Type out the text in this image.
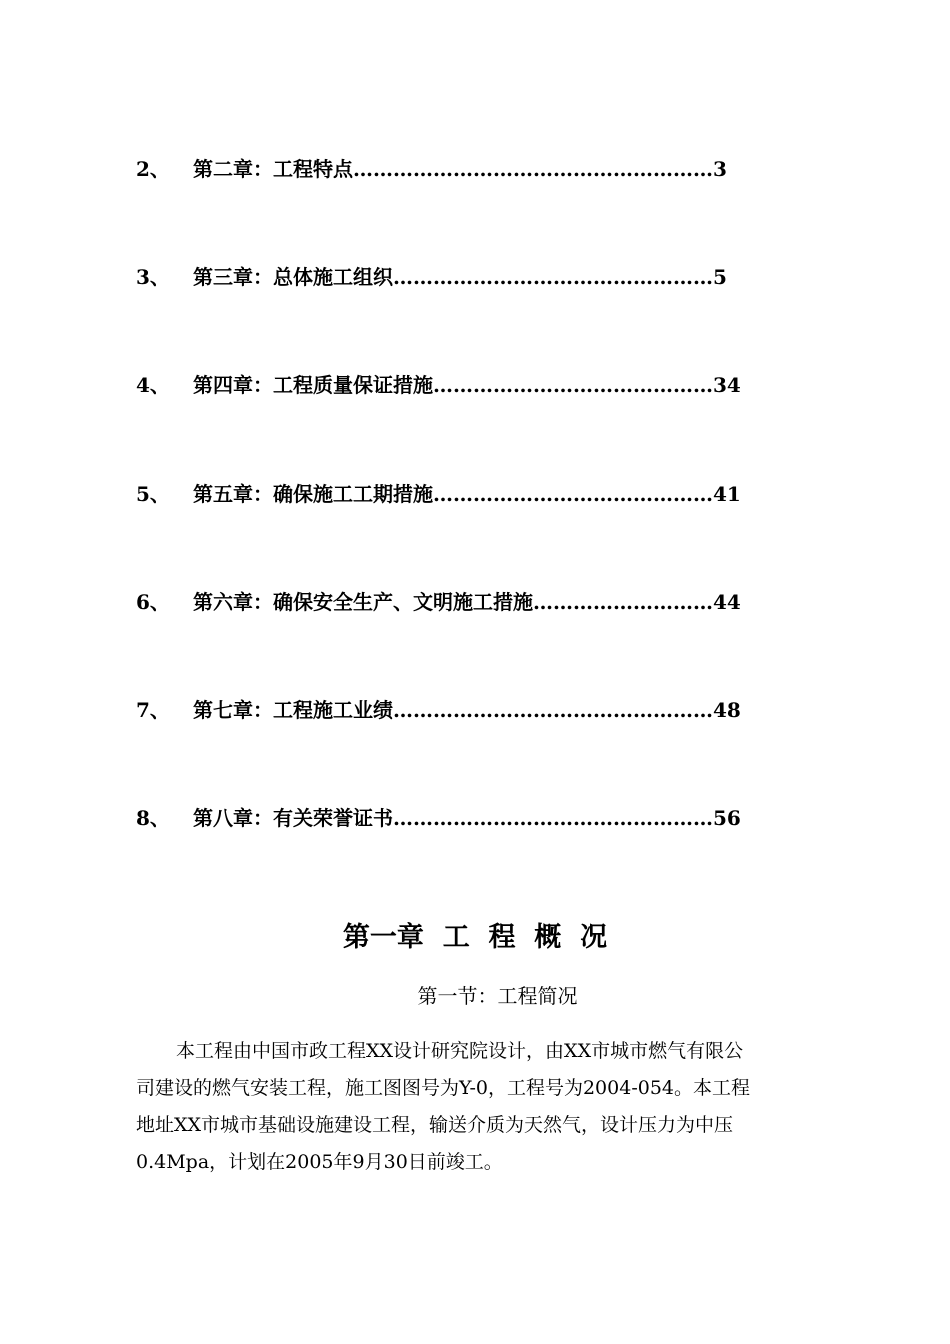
2、 第二章：工程特点………………………………………………3
3、 第三章：总体施工组织…………………………………………5
4、 第四章：工程质量保证措施……………………………………34
5、 第五章：确保施工工期措施……………………………………41
6、 第六章：确保安全生产、文明施工措施………………………44
7、 第七章：工程施工业绩…………………………………………48
8、 第八章：有关荣誉证书…………………………………………56
第一章  工  程  概  况
第一节：工程简况
本工程由中国市政工程XX设计研究院设计，由XX市城市燃气有限公
司建设的燃气安装工程，施工图图号为Y-0，工程号为2004-054。本工程
地址XX市城市基础设施建设工程，输送介质为天然气，设计压力为中压
0.4Mpa，计划在2005年9月30日前竣工。
